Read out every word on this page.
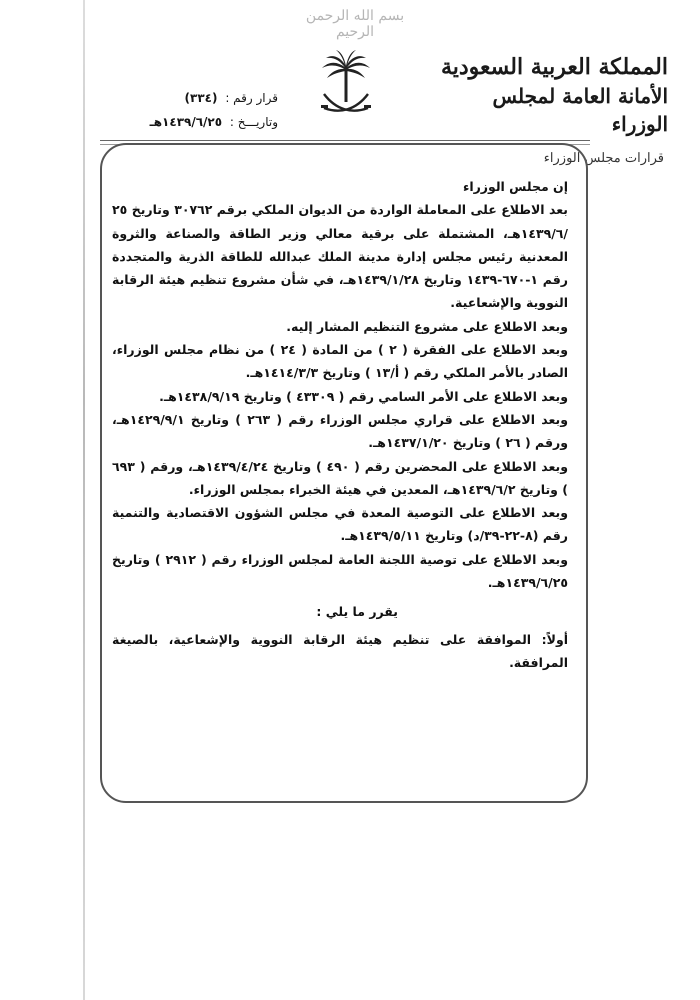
بسم الله الرحمن الرحيم
المملكة العربية السعودية
الأمانة العامة لمجلس الوزراء
قرارات مجلس الوزراء
قرار رقم : (٣٣٤)
وتاريـــخ : ١٤٣٩/٦/٢٥هـ

إن مجلس الوزراء

بعد الاطلاع على المعاملة الواردة من الديوان الملكي برقم ٣٠٧٦٢ وتاريخ ٢٥ /١٤٣٩/٦هـ، المشتملة على برقية معالي وزير الطاقة والصناعة والثروة المعدنية رئيس مجلس إدارة مدينة الملك عبدالله للطاقة الذرية والمتجددة رقم ١-٦٧٠-١٤٣٩ وتاريخ ١٤٣٩/١/٢٨هـ، في شأن مشروع تنظيم هيئة الرقابة النووية والإشعاعية.

وبعد الاطلاع على مشروع التنظيم المشار إليه.

وبعد الاطلاع على الفقرة ( ٢ ) من المادة ( ٢٤ ) من نظام مجلس الوزراء، الصادر بالأمر الملكي رقم ( أ/١٣ ) وتاريخ ١٤١٤/٣/٣هـ.

وبعد الاطلاع على الأمر السامي رقم ( ٤٣٣٠٩ ) وتاريخ ١٤٣٨/٩/١٩هـ.

وبعد الاطلاع على قراري مجلس الوزراء رقم ( ٢٦٣ ) وتاريخ ١٤٢٩/٩/١هـ، ورقم ( ٢٦ ) وتاريخ ١٤٣٧/١/٢٠هـ.

وبعد الاطلاع على المحضرين رقم ( ٤٩٠ ) وتاريخ ١٤٣٩/٤/٢٤هـ، ورقم ( ٦٩٣ ) وتاريخ ١٤٣٩/٦/٢هـ، المعدين في هيئة الخبراء بمجلس الوزراء.

وبعد الاطلاع على التوصية المعدة في مجلس الشؤون الاقتصادية والتنمية رقم (٨-٢٢-٣٩/د) وتاريخ ١٤٣٩/٥/١١هـ.

وبعد الاطلاع على توصية اللجنة العامة لمجلس الوزراء رقم ( ٢٩١٢ ) وتاريخ ١٤٣٩/٦/٢٥هـ.

يقرر ما يلي :

أولاً: الموافقة على تنظيم هيئة الرقابة النووية والإشعاعية، بالصيغة المرافقة.
